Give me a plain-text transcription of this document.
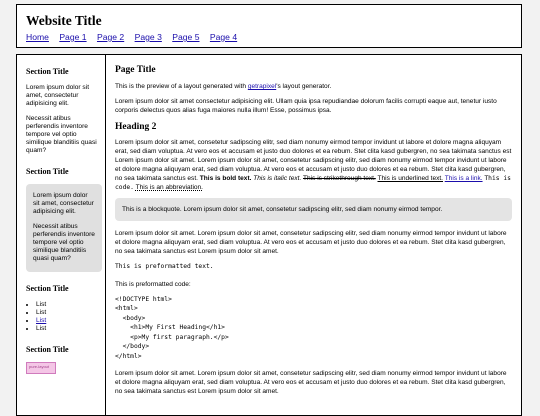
Website Title
Home Page 1 Page 2 Page 3 Page 5 Page 4
Section Title

Lorem ipsum dolor sit amet, consectetur adipisicing elit.

Necessit atibus perferendis inventore tempore vel optio similique blanditiis quasi quam?

Section Title

Lorem ipsum dolor sit amet, consectetur adipisicing elit.

Necessit atibus perferendis inventore tempore vel optio similique blanditiis quasi quam?

Section Title
• List
• List
• List
• List
Section Title
pure-layout
Page Title

This is the preview of a layout generated with getrapixel's layout generator.

Lorem ipsum dolor sit amet consectetur adipisicing elit. Ullam quia ipsa repudiandae dolorum facilis corrupti eaque aut, tenetur iusto corporis delectus quos alias fuga maiores nulla illum! Esse, possimus ipsa.

Heading 2

Lorem ipsum dolor sit amet, consetetur sadipscing elitr, sed diam nonumy eirmod tempor invidunt ut labore et dolore magna aliquyam erat, sed diam voluptua. At vero eos et accusam et justo duo dolores et ea rebum. Stet clita kasd gubergren, no sea takimata sanctus est Lorem ipsum dolor sit amet. Lorem ipsum dolor sit amet, consetetur sadipscing elitr, sed diam nonumy eirmod tempor invidunt ut labore et dolore magna aliquyam erat, sed diam voluptua. At vero eos et accusam et justo duo dolores et ea rebum. Stet clita kasd gubergren, no sea takimata sanctus est. This is bold text. This is italic text. This is strikethrough text. This is underlined text. This is a link. This is code. This is an abbreviation.

This is a blockquote. Lorem ipsum dolor sit amet, consetetur sadipscing elitr, sed diam nonumy eirmod tempor.

Lorem ipsum dolor sit amet. Lorem ipsum dolor sit amet, consetetur sadipscing elitr, sed diam nonumy eirmod tempor invidunt ut labore et dolore magna aliquyam erat, sed diam voluptua. At vero eos et accusam et justo duo dolores et ea rebum. Stet clita kasd gubergren, no sea takimata sanctus est Lorem ipsum dolor sit amet.

This is preformatted text.

This is preformatted code:

<!DOCTYPE html>
<html>
<body>
<h1>My First Heading</h1>
<p>My first paragraph.</p>
</body>
</html>

Lorem ipsum dolor sit amet. Lorem ipsum dolor sit amet, consetetur sadipscing elitr, sed diam nonumy eirmod tempor invidunt ut labore et dolore magna aliquyam erat, sed diam voluptua. At vero eos et accusam et justo duo dolores et ea rebum. Stet clita kasd gubergren, no sea takimata sanctus est Lorem ipsum dolor sit amet.
